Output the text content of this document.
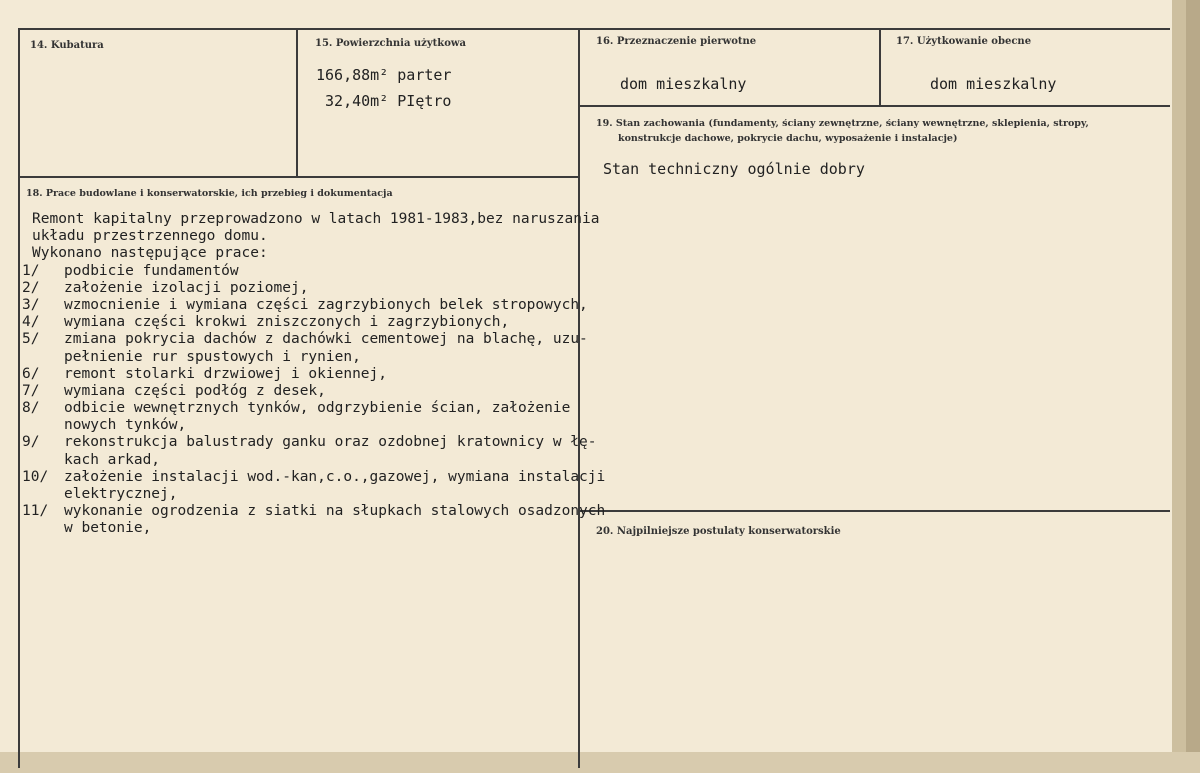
14. Kubatura	15. Powierzchnia użytkowa
166,88m² parter
32,40m² PIętro
16. Przeznaczenie pierwotne
dom mieszkalny
17. Użytkowanie obecne
dom mieszkalny
19. Stan zachowania (fundamenty, ściany zewnętrzne, ściany wewnętrzne, sklepienia, stropy,
konstrukcje dachowe, pokrycie dachu, wyposażenie i instalacje)
Stan techniczny ogólnie dobry
20. Najpilniejsze postulaty konserwatorskie
18. Prace budowlane i konserwatorskie, ich przebieg i dokumentacja
Remont kapitalny przeprowadzono w latach 1981-1983,bez naruszania
układu przestrzennego domu.
Wykonano następujące prace:
1/ podbicie fundamentów
2/ założenie izolacji poziomej,
3/ wzmocnienie i wymiana części zagrzybionych belek stropowych,
4/ wymiana części krokwi zniszczonych i zagrzybionych,
5/ zmiana pokrycia dachów z dachówki cementowej na blachę, uzu-
pełnienie rur spustowych i rynien,
6/ remont stolarki drzwiowej i okiennej,
7/ wymiana części podłóg z desek,
8/ odbicie wewnętrznych tynków, odgrzybienie ścian, założenie
nowych tynków,
9/ rekonstrukcja balustrady ganku oraz ozdobnej kratownicy w łę-
kach arkad,
10/ założenie instalacji wod.-kan,c.o.,gazowej, wymiana instalacji
elektrycznej,
11/ wykonanie ogrodzenia z siatki na słupkach stalowych osadzonych
w betonie,
